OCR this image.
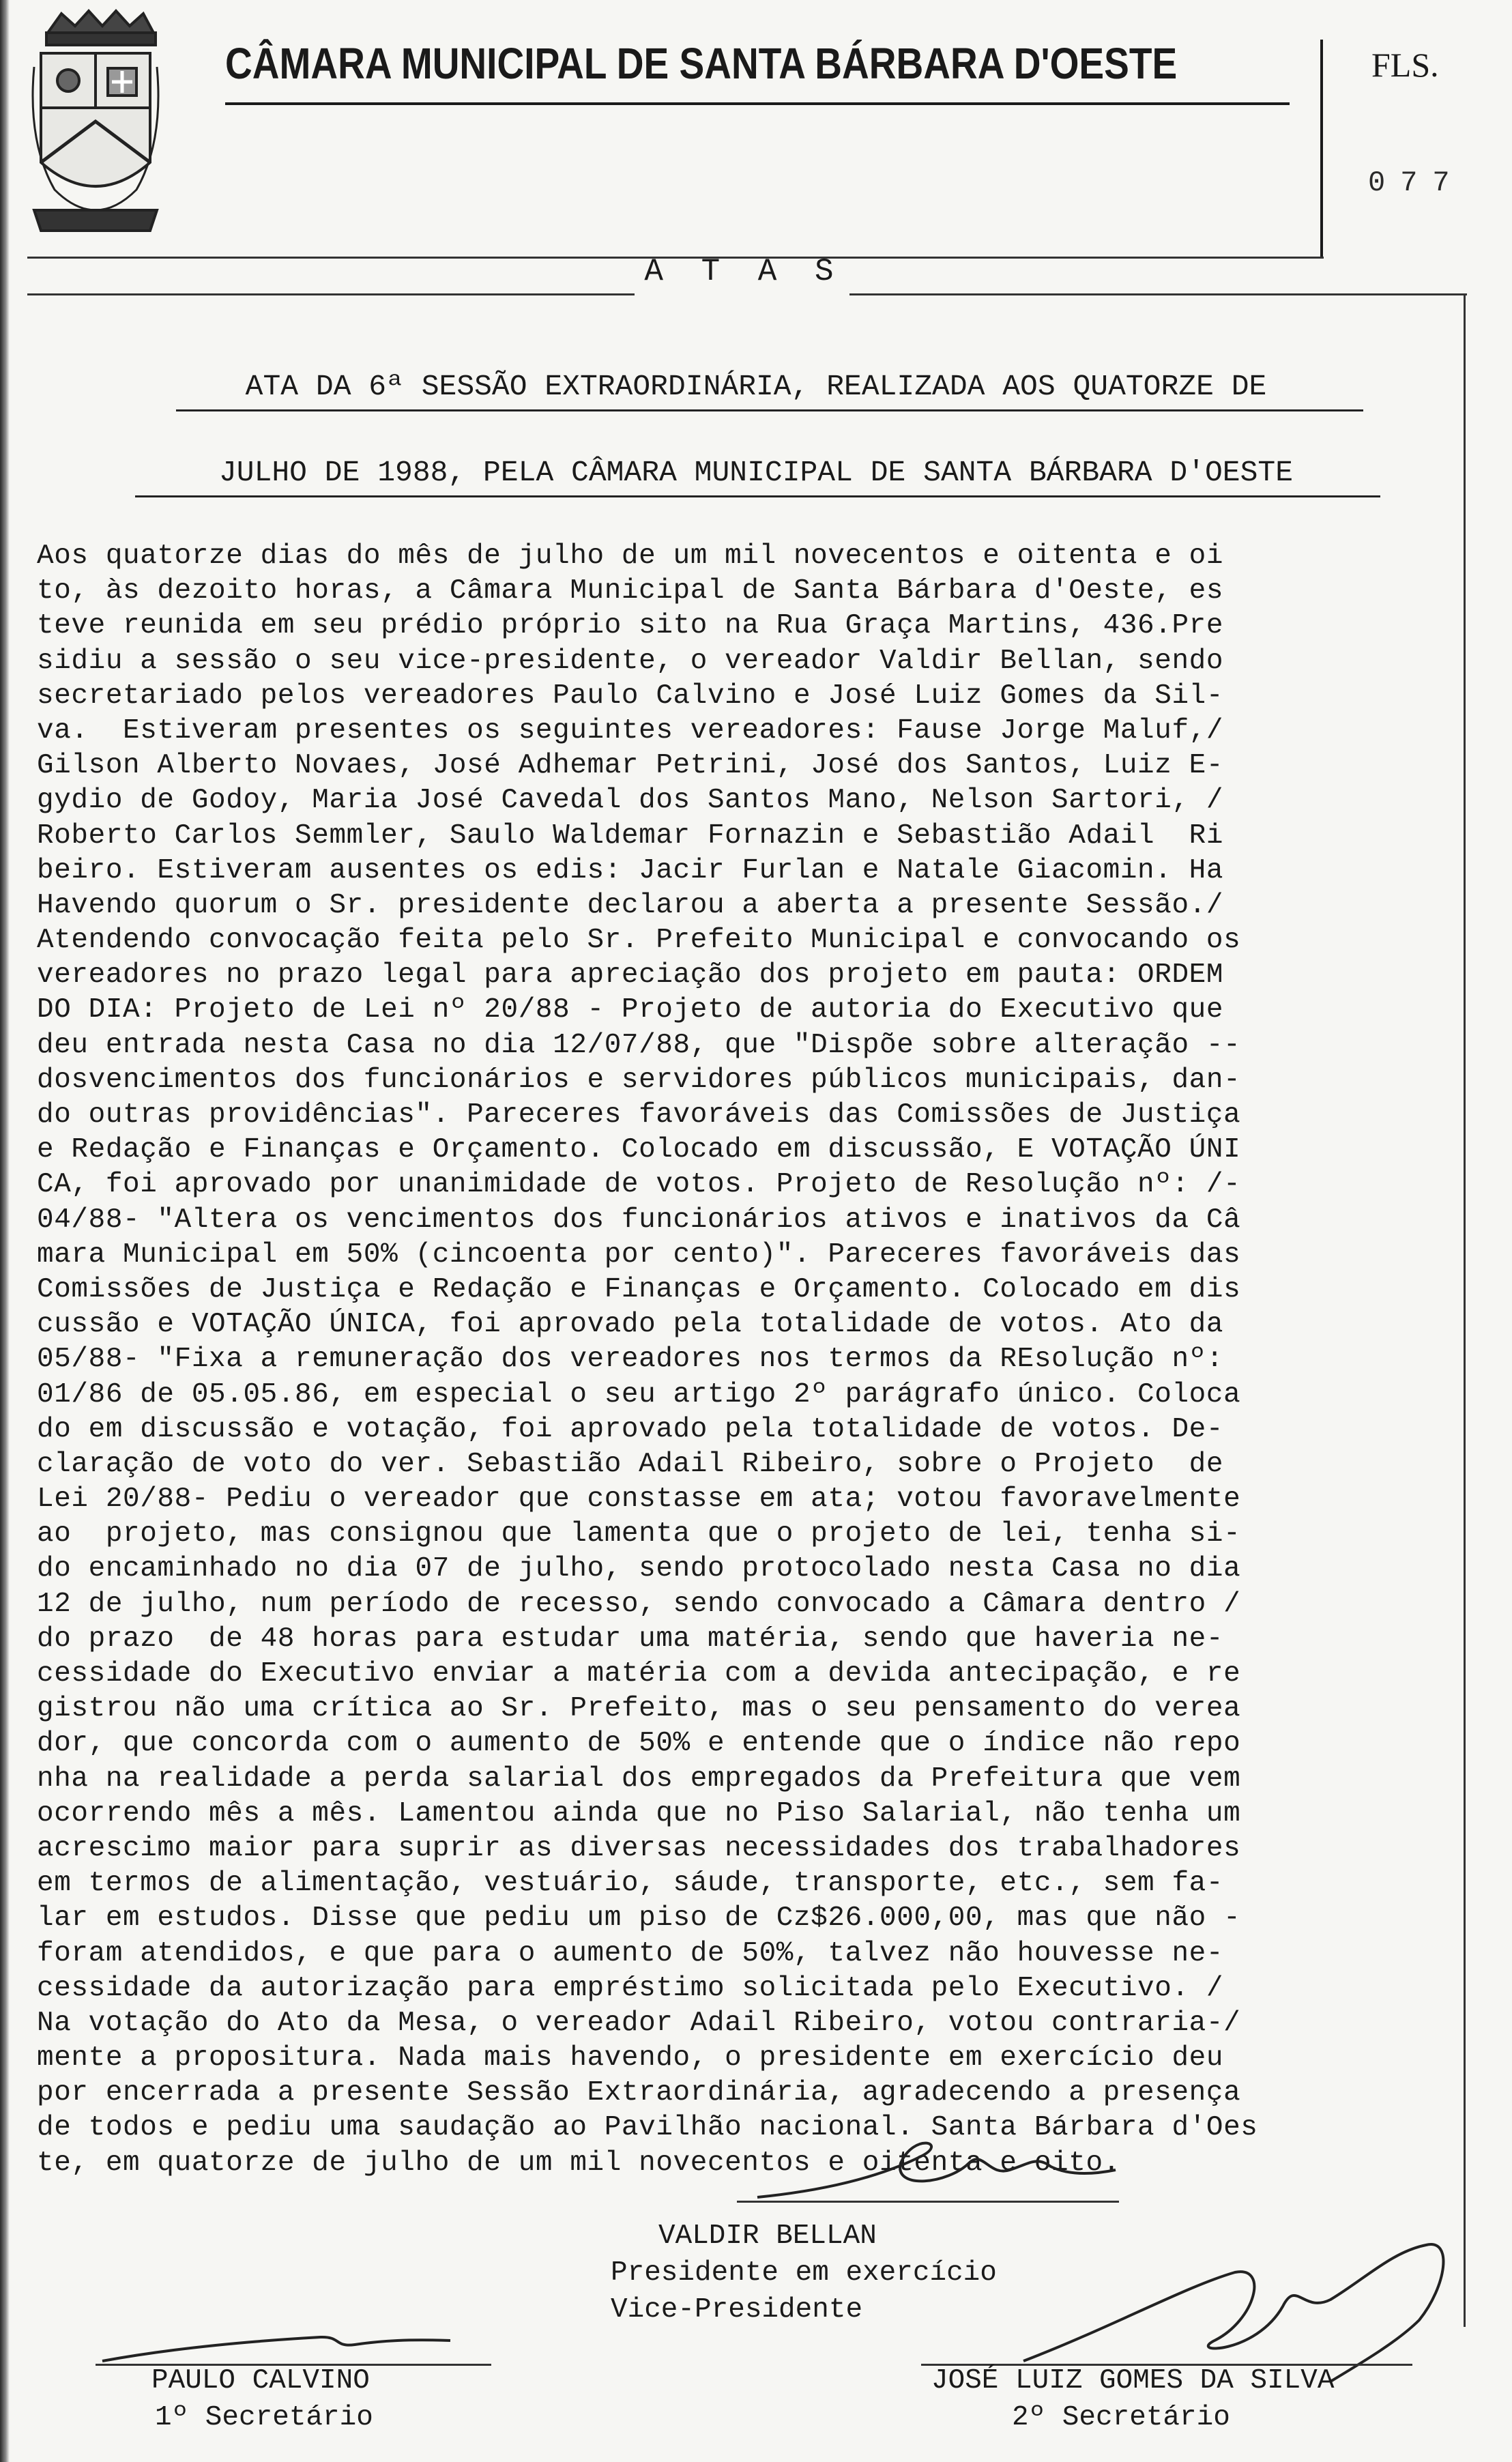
CÂMARA MUNICIPAL DE SANTA BÁRBARA D'OESTE	FLS.
077
A T A S
ATA DA 6ª SESSÃO EXTRAORDINÁRIA, REALIZADA AOS QUATORZE DE
JULHO DE 1988, PELA CÂMARA MUNICIPAL DE SANTA BÁRBARA D'OESTE
Aos quatorze dias do mês de julho de um mil novecentos e oitenta e oi
to, às dezoito horas, a Câmara Municipal de Santa Bárbara d'Oeste, es
teve reunida em seu prédio próprio sito na Rua Graça Martins, 436.Pre
sidiu a sessão o seu vice-presidente, o vereador Valdir Bellan, sendo
secretariado pelos vereadores Paulo Calvino e José Luiz Gomes da Sil-
va.  Estiveram presentes os seguintes vereadores: Fause Jorge Maluf,/
Gilson Alberto Novaes, José Adhemar Petrini, José dos Santos, Luiz E-
gydio de Godoy, Maria José Cavedal dos Santos Mano, Nelson Sartori, /
Roberto Carlos Semmler, Saulo Waldemar Fornazin e Sebastião Adail  Ri
beiro. Estiveram ausentes os edis: Jacir Furlan e Natale Giacomin. Ha
Havendo quorum o Sr. presidente declarou a aberta a presente Sessão./
Atendendo convocação feita pelo Sr. Prefeito Municipal e convocando os
vereadores no prazo legal para apreciação dos projeto em pauta: ORDEM
DO DIA: Projeto de Lei nº 20/88 - Projeto de autoria do Executivo que
deu entrada nesta Casa no dia 12/07/88, que "Dispõe sobre alteração --
dosvencimentos dos funcionários e servidores públicos municipais, dan-
do outras providências". Pareceres favoráveis das Comissões de Justiça
e Redação e Finanças e Orçamento. Colocado em discussão, E VOTAÇÃO ÚNI
CA, foi aprovado por unanimidade de votos. Projeto de Resolução nº: /-
04/88- "Altera os vencimentos dos funcionários ativos e inativos da Câ
mara Municipal em 50% (cincoenta por cento)". Pareceres favoráveis das
Comissões de Justiça e Redação e Finanças e Orçamento. Colocado em dis
cussão e VOTAÇÃO ÚNICA, foi aprovado pela totalidade de votos. Ato da
05/88- "Fixa a remuneração dos vereadores nos termos da REsolução nº:
01/86 de 05.05.86, em especial o seu artigo 2º parágrafo único. Coloca
do em discussão e votação, foi aprovado pela totalidade de votos. De-
claração de voto do ver. Sebastião Adail Ribeiro, sobre o Projeto  de
Lei 20/88- Pediu o vereador que constasse em ata; votou favoravelmente
ao  projeto, mas consignou que lamenta que o projeto de lei, tenha si-
do encaminhado no dia 07 de julho, sendo protocolado nesta Casa no dia
12 de julho, num período de recesso, sendo convocado a Câmara dentro /
do prazo  de 48 horas para estudar uma matéria, sendo que haveria ne-
cessidade do Executivo enviar a matéria com a devida antecipação, e re
gistrou não uma crítica ao Sr. Prefeito, mas o seu pensamento do verea
dor, que concorda com o aumento de 50% e entende que o índice não repo
nha na realidade a perda salarial dos empregados da Prefeitura que vem
ocorrendo mês a mês. Lamentou ainda que no Piso Salarial, não tenha um
acrescimo maior para suprir as diversas necessidades dos trabalhadores
em termos de alimentação, vestuário, sáude, transporte, etc., sem fa-
lar em estudos. Disse que pediu um piso de Cz$26.000,00, mas que não -
foram atendidos, e que para o aumento de 50%, talvez não houvesse ne-
cessidade da autorização para empréstimo solicitada pelo Executivo. /
Na votação do Ato da Mesa, o vereador Adail Ribeiro, votou contraria-/
mente a propositura. Nada mais havendo, o presidente em exercício deu
por encerrada a presente Sessão Extraordinária, agradecendo a presença
de todos e pediu uma saudação ao Pavilhão nacional. Santa Bárbara d'Oes
te, em quatorze de julho de um mil novecentos e oitenta e oito.
VALDIR BELLAN
Presidente em exercício
Vice-Presidente
PAULO CALVINO
1º Secretário
JOSÉ LUIZ GOMES DA SILVA
2º Secretário
